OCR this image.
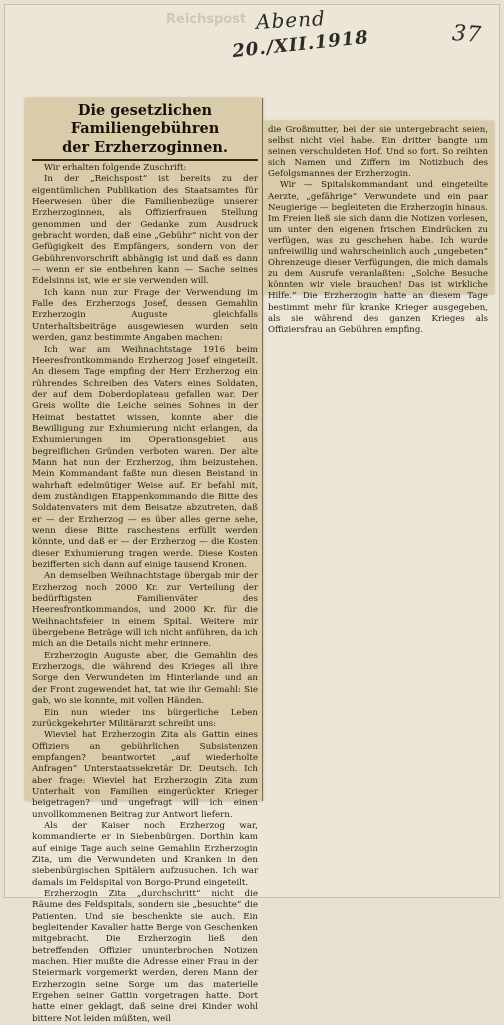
Reichspost Abend
20./XII.1918	37
Die gesetzlichen Familiengebühren
der Erzherzoginnen.

Wir erhalten folgende Zuschrift:

In der „Reichspost“ ist bereits zu der eigentümlichen Publikation des Staatsamtes für Heerwesen über die Familienbezüge unserer Erzherzoginnen, als Offizierfrauen Stellung genommen und der Gedanke zum Ausdruck gebracht worden, daß eine „Gebühr“ nicht von der Gefügigkeit des Empfängers, sondern von der Gebührenvorschrift abhängig ist und daß es dann — wenn er sie entbehren kann — Sache seines Edelsinns ist, wie er sie verwenden will.

Ich kann nun zur Frage der Verwendung im Falle des Erzherzogs Josef, dessen Gemahlin Erzherzogin Auguste gleichfalls Unterhaltsbeiträge ausgewiesen wurden sein werden, ganz bestimmte Angaben machen:

Ich war am Weihnachtstage 1916 beim Heeresfrontkommando Erzherzog Josef eingeteilt. An diesem Tage empfing der Herr Erzherzog ein rührendes Schreiben des Vaters eines Soldaten, der auf dem Doberdoplateau gefallen war. Der Greis wollte die Leiche seines Sohnes in der Heimat bestattet wissen, konnte aber die Bewilligung zur Exhumierung nicht erlangen, da Exhumierungen im Operationsgebiet aus begreiflichen Gründen verboten waren. Der alte Mann hat nun der Erzherzog, ihm beizustehen. Mein Kommandant faßte nun diesen Beistand in wahrhaft edelmütiger Weise auf. Er befahl mit, dem zuständigen Etappenkommando die Bitte des Soldatenvaters mit dem Beisatze abzutreten, daß er — der Erzherzog — es über alles gerne sehe, wenn diese Bitte raschestens erfüllt werden könnte, und daß er — der Erzherzog — die Kosten dieser Exhumierung tragen werde. Diese Kosten bezifferten sich dann auf einige tausend Kronen.

An demselben Weihnachtstage übergab mir der Erzherzog noch 2000 Kr. zur Verteilung der bedürftigsten Familienväter des Heeresfrontkommandos, und 2000 Kr. für die Weihnachtsfeier in einem Spital. Weitere mir übergebene Beträge will ich nicht anführen, da ich mich an die Details nicht mehr erinnere.

Erzherzogin Auguste aber, die Gemahlin des Erzherzogs, die während des Krieges all ihre Sorge den Verwundeten im Hinterlande und an der Front zugewendet hat, tat wie ihr Gemahl: Sie gab, wo sie konnte, mit vollen Händen.

Ein nun wieder ins bürgerliche Leben zurückgekehrter Militärarzt schreibt uns:

Wieviel hat Erzherzogin Zita als Gattin eines Offiziers an gebührlichen Subsistenzen empfangen? beantwortet „auf wiederholte Anfragen“ Unterstaatssekretär Dr. Deutsch. Ich aber frage: Wieviel hat Erzherzogin Zita zum Unterhalt von Familien eingerückter Krieger beigetragen? und ungefragt will ich einen unvollkommenen Beitrag zur Antwort liefern.

Als der Kaiser noch Erzherzog war, kommandierte er in Siebenbürgen. Dorthin kam auf einige Tage auch seine Gemahlin Erzherzogin Zita, um die Verwundeten und Kranken in den siebenbürgischen Spitälern aufzusuchen. Ich war damals im Feldspital von Borgo-Prund eingeteilt.

Erzherzogin Zita „durchschritt“ nicht die Räume des Feldspitals, sondern sie „besuchte“ die Patienten. Und sie beschenkte sie auch. Ein begleitender Kavalier hatte Berge von Geschenken mitgebracht. Die Erzherzogin ließ den betreffenden Offizier ununterbrochen Notizen machen. Hier mußte die Adresse einer Frau in der Steiermark vorgemerkt werden, deren Mann der Erzherzogin seine Sorge um das materielle Ergehen seiner Gattin vorgetragen hatte. Dort hatte einer geklagt, daß seine drei Kinder wohl bittere Not leiden müßten, weil

die Großmutter, bei der sie untergebracht seien, selbst nicht viel habe. Ein dritter bangte um seinen verschuldeten Hof. Und so fort. So reihten sich Namen und Ziffern im Notizbuch des Gefolgsmannes der Erzherzogin.

Wir — Spitalskommandant und eingeteilte Aerzte, „gefährige“ Verwundete und ein paar Neugierige — begleiteten die Erzherzogin hinaus. Im Freien ließ sie sich dann die Notizen vorlesen, um unter den eigenen frischen Eindrücken zu verfügen, was zu geschehen habe. Ich wurde unfreiwillig und wahrscheinlich auch „ungebeten“ Ohrenzeuge dieser Verfügungen, die mich damals zu dem Ausrufe veranlaßten: „Solche Besuche könnten wir viele brauchen! Das ist wirkliche Hilfe.“ Die Erzherzogin hatte an diesem Tage bestimmt mehr für kranke Krieger ausgegeben, als sie während des ganzen Krieges als Offiziersfrau an Gebühren empfing.
